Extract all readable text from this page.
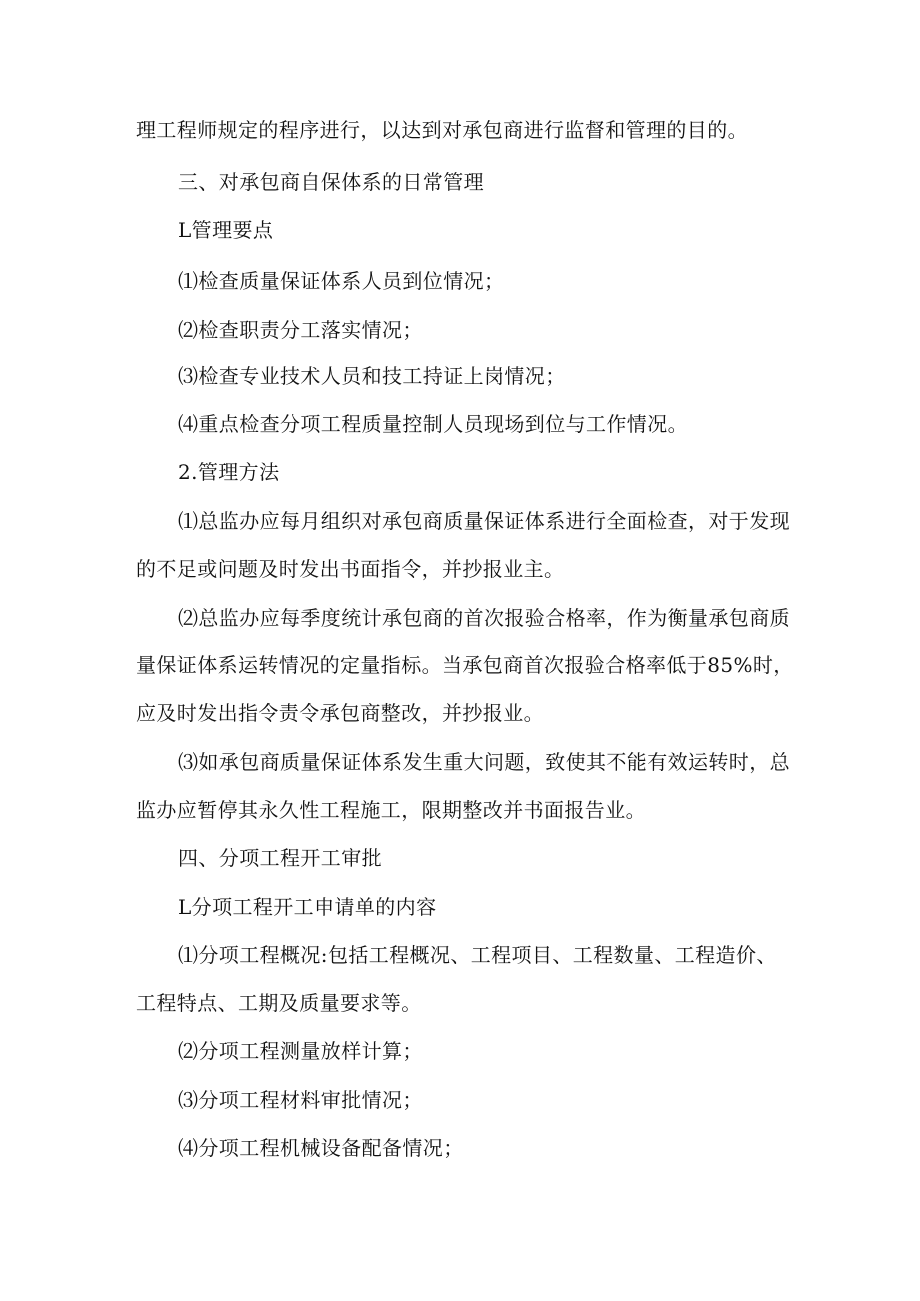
理工程师规定的程序进行，以达到对承包商进行监督和管理的目的。
三、对承包商自保体系的日常管理
L管理要点
⑴检查质量保证体系人员到位情况；
⑵检查职责分工落实情况；
⑶检查专业技术人员和技工持证上岗情况；
⑷重点检查分项工程质量控制人员现场到位与工作情况。
2.管理方法
⑴总监办应每月组织对承包商质量保证体系进行全面检查，对于发现
的不足或问题及时发出书面指令，并抄报业主。
⑵总监办应每季度统计承包商的首次报验合格率，作为衡量承包商质
量保证体系运转情况的定量指标。当承包商首次报验合格率低于85%时，
应及时发出指令责令承包商整改，并抄报业。
⑶如承包商质量保证体系发生重大问题，致使其不能有效运转时，总
监办应暂停其永久性工程施工，限期整改并书面报告业。
四、分项工程开工审批
L分项工程开工申请单的内容
⑴分项工程概况:包括工程概况、工程项目、工程数量、工程造价、
工程特点、工期及质量要求等。
⑵分项工程测量放样计算；
⑶分项工程材料审批情况；
⑷分项工程机械设备配备情况；
